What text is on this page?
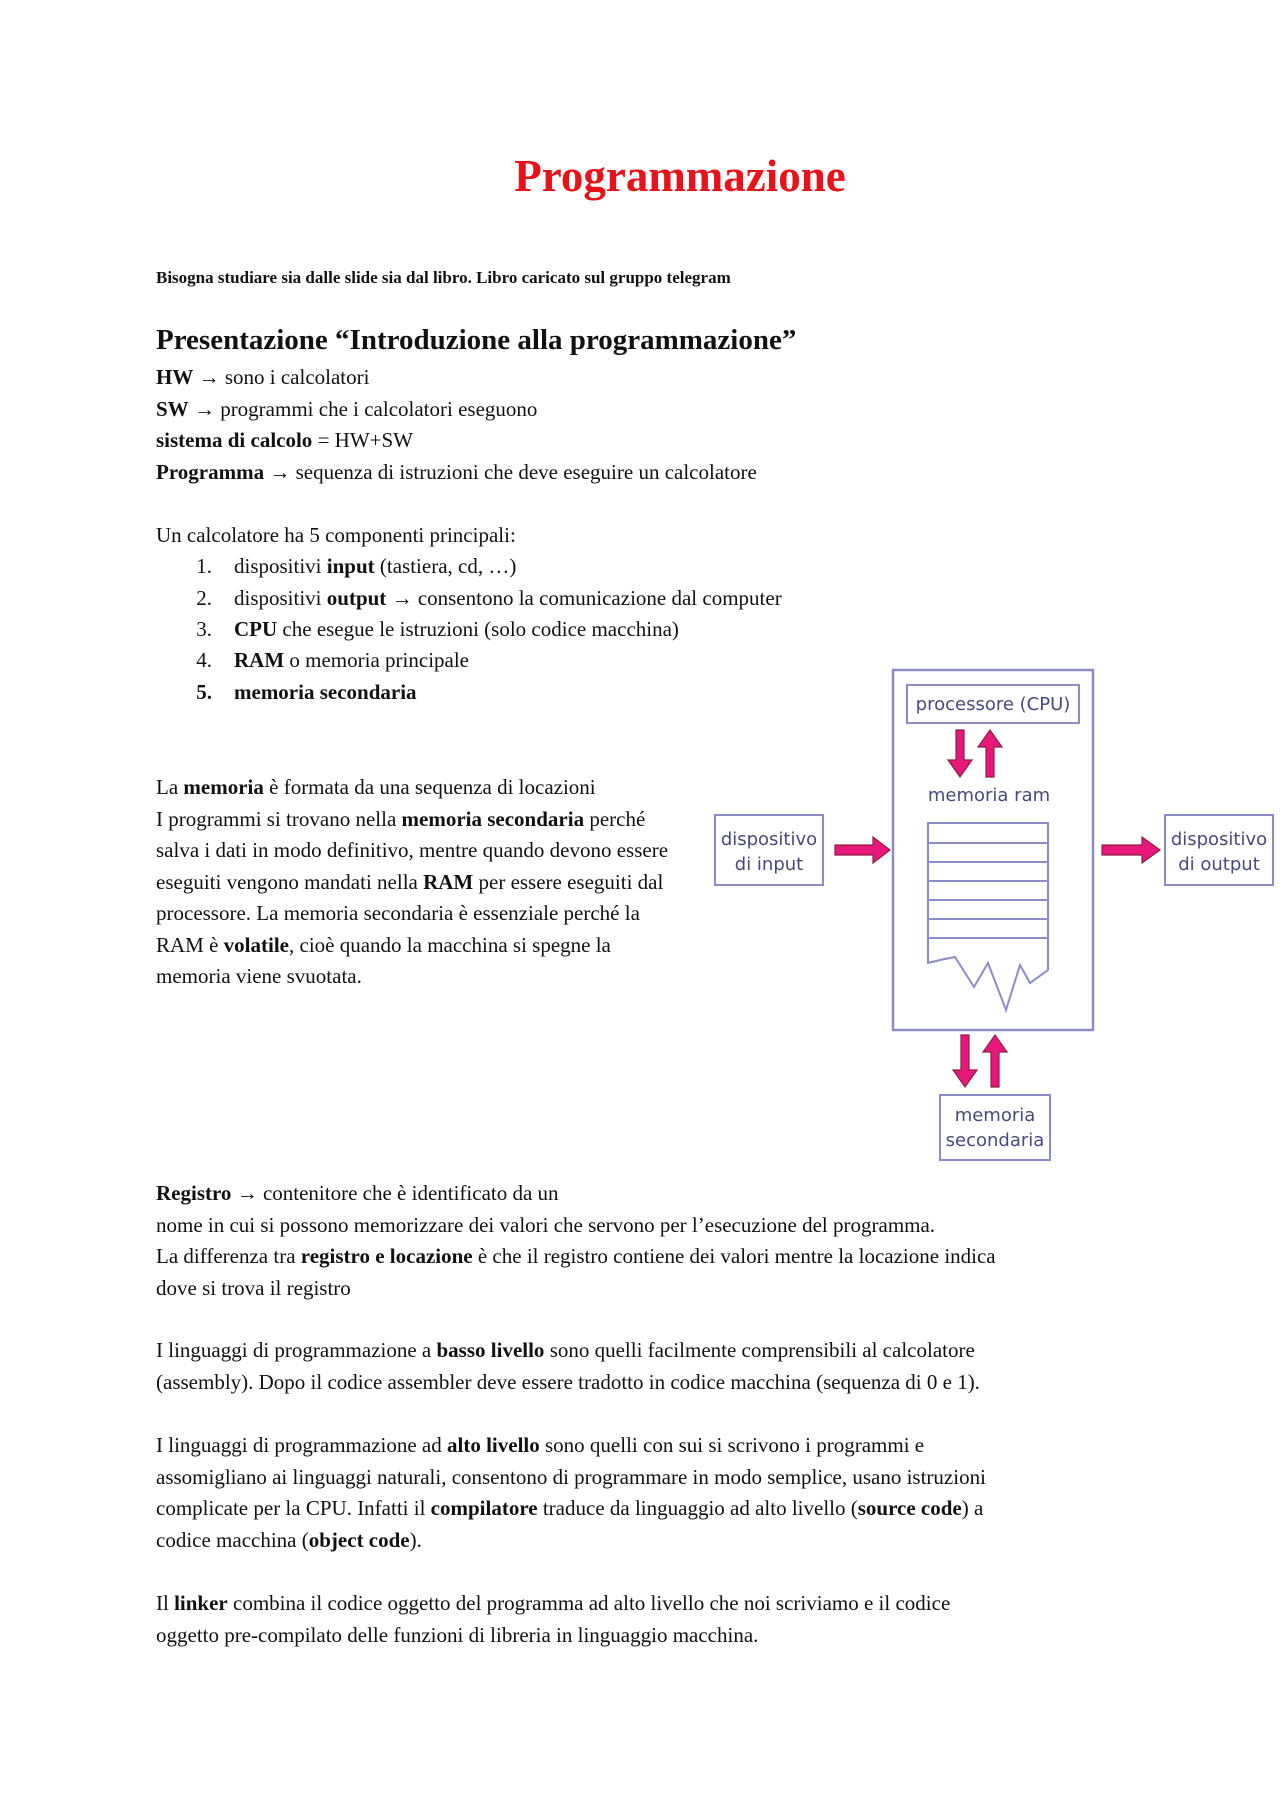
Programmazione
Bisogna studiare sia dalle slide sia dal libro. Libro caricato sul gruppo telegram
Presentazione “Introduzione alla programmazione”
HW → sono i calcolatori
SW → programmi che i calcolatori eseguono
sistema di calcolo = HW+SW
Programma → sequenza di istruzioni che deve eseguire un calcolatore
Un calcolatore ha 5 componenti principali:
1. dispositivi input (tastiera, cd, …)
2. dispositivi output → consentono la comunicazione dal computer
3. CPU che esegue le istruzioni (solo codice macchina)
4. RAM o memoria principale
5. memoria secondaria
La memoria è formata da una sequenza di locazioni
I programmi si trovano nella memoria secondaria perché salva i dati in modo definitivo, mentre quando devono essere eseguiti vengono mandati nella RAM per essere eseguiti dal processore. La memoria secondaria è essenziale perché la RAM è volatile, cioè quando la macchina si spegne la memoria viene svuotata.
processore (CPU)
memoria ram
dispositivo
di input
dispositivo
di output
memoria
secondaria
Registro → contenitore che è identificato da un
nome in cui si possono memorizzare dei valori che servono per l’esecuzione del programma.
La differenza tra registro e locazione è che il registro contiene dei valori mentre la locazione indica
dove si trova il registro
I linguaggi di programmazione a basso livello sono quelli facilmente comprensibili al calcolatore
(assembly). Dopo il codice assembler deve essere tradotto in codice macchina (sequenza di 0 e 1).
I linguaggi di programmazione ad alto livello sono quelli con sui si scrivono i programmi e
assomigliano ai linguaggi naturali, consentono di programmare in modo semplice, usano istruzioni
complicate per la CPU. Infatti il compilatore traduce da linguaggio ad alto livello (source code) a
codice macchina (object code).
Il linker combina il codice oggetto del programma ad alto livello che noi scriviamo e il codice
oggetto pre-compilato delle funzioni di libreria in linguaggio macchina.
